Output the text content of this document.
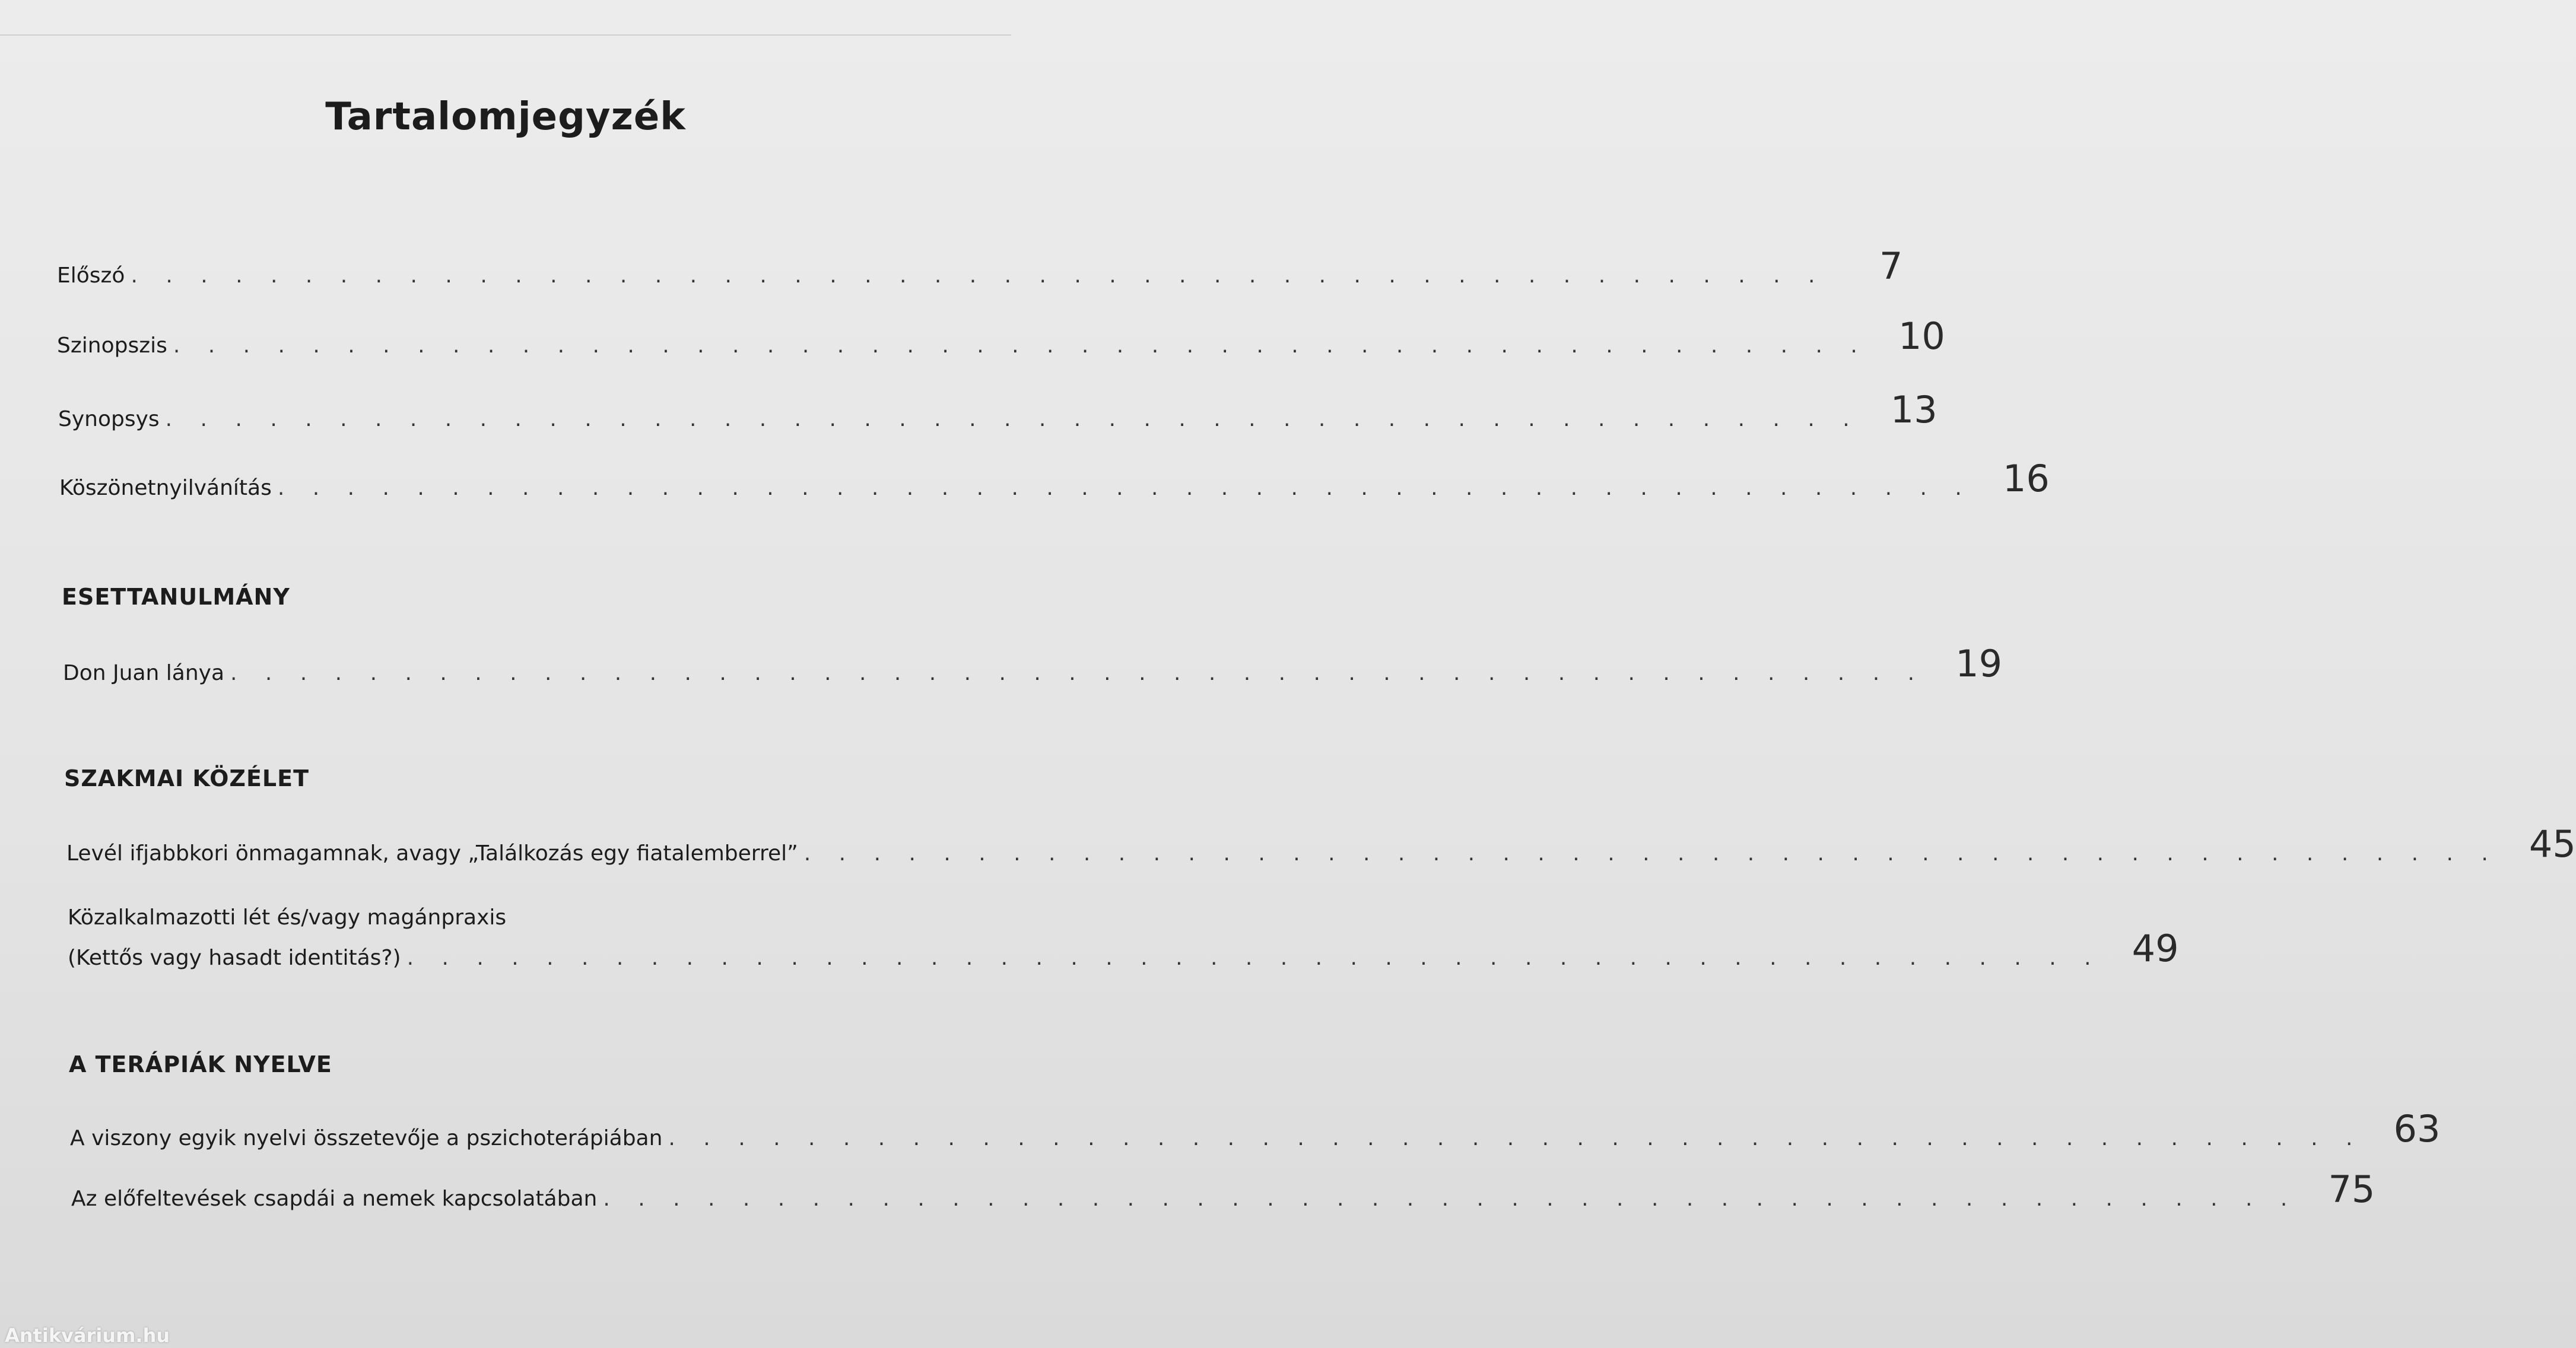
Tartalomjegyzék
Előszó . . . . . . . . . . . . . . . . . . . . . . . . . . . . . . . . . . . . . . . . . . . . . . . . .	7
Szinopszis . . . . . . . . . . . . . . . . . . . . . . . . . . . . . . . . . . . . . . . . . . . . . . . . . 10
Synopsys . . . . . . . . . . . . . . . . . . . . . . . . . . . . . . . . . . . . . . . . . . . . . . . . . 13
Köszönetnyilvánítás . . . . . . . . . . . . . . . . . . . . . . . . . . . . . . . . . . . . . . . . . . . . . . . . . 16
ESETTANULMÁNY
Don Juan lánya . . . . . . . . . . . . . . . . . . . . . . . . . . . . . . . . . . . . . . . . . . . . . . . . . 19
SZAKMAI KÖZÉLET
Levél ifjabbkori önmagamnak, avagy „Találkozás egy fiatalemberrel” . . . . . . . . . . . . . . . . . . . . . . . . . . . . . . . . . . . . . . . . . . . . . . . . . 45
Közalkalmazotti lét és/vagy magánpraxis
(Kettős vagy hasadt identitás?) . . . . . . . . . . . . . . . . . . . . . . . . . . . . . . . . . . . . . . . . . . . . . . . . . 49
A TERÁPIÁK NYELVE
A viszony egyik nyelvi összetevője a pszichoterápiában . . . . . . . . . . . . . . . . . . . . . . . . . . . . . . . . . . . . . . . . . . . . . . . . . 63
Az előfeltevések csapdái a nemek kapcsolatában . . . . . . . . . . . . . . . . . . . . . . . . . . . . . . . . . . . . . . . . . . . . . . . . . 75
Antikvárium.hu
